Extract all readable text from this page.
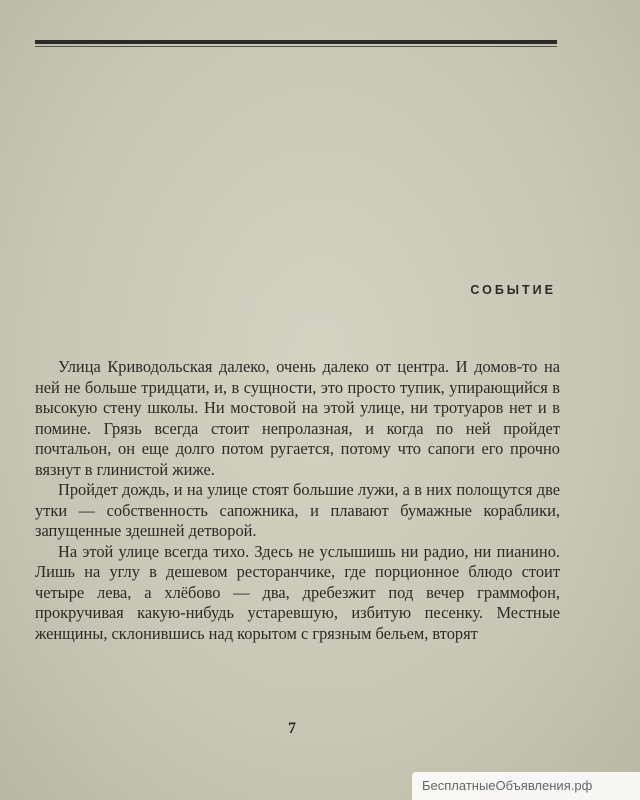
СОБЫТИЕ

Улица Криводольская далеко, очень далеко от центра. И домов-то на ней не больше тридцати, и, в сущности, это просто тупик, упирающийся в высокую стену школы. Ни мостовой на этой улице, ни тротуаров нет и в помине. Грязь всегда стоит непролазная, и когда по ней пройдет почтальон, он еще долго потом ругается, потому что сапоги его прочно вязнут в глинистой жиже.

Пройдет дождь, и на улице стоят большие лужи, а в них полощутся две утки — собственность сапожника, и плавают бумажные кораблики, запущенные здешней детворой.

На этой улице всегда тихо. Здесь не услышишь ни радио, ни пианино. Лишь на углу в дешевом ресторанчике, где порционное блюдо стоит четыре лева, а хлёбово — два, дребезжит под вечер граммофон, прокручивая какую-нибудь устаревшую, избитую песенку. Местные женщины, склонившись над корытом с грязным бельем, вторят

7
БесплатныеОбъявления.рф
